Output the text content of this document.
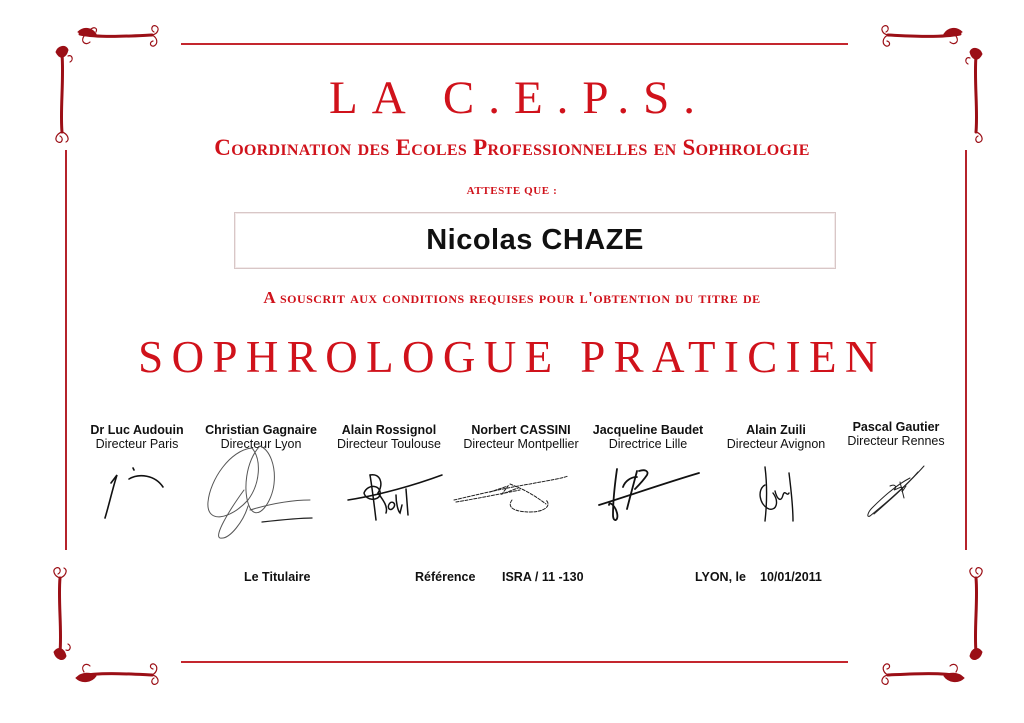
LA C.E.P.S.
Coordination des Ecoles Professionnelles en Sophrologie
ATTESTE QUE :
Nicolas CHAZE
A souscrit aux conditions requises pour l'obtention du titre de
SOPHROLOGUE PRATICIEN
Dr Luc Audouin
Directeur Paris
Christian Gagnaire
Directeur Lyon
Alain Rossignol
Directeur Toulouse
Norbert CASSINI
Directeur Montpellier
Jacqueline Baudet
Directrice Lille
Alain Zuili
Directeur Avignon
Pascal Gautier
Directeur Rennes
Le Titulaire	Référence ISRA / 11 -130	LYON, le 10/01/2011
